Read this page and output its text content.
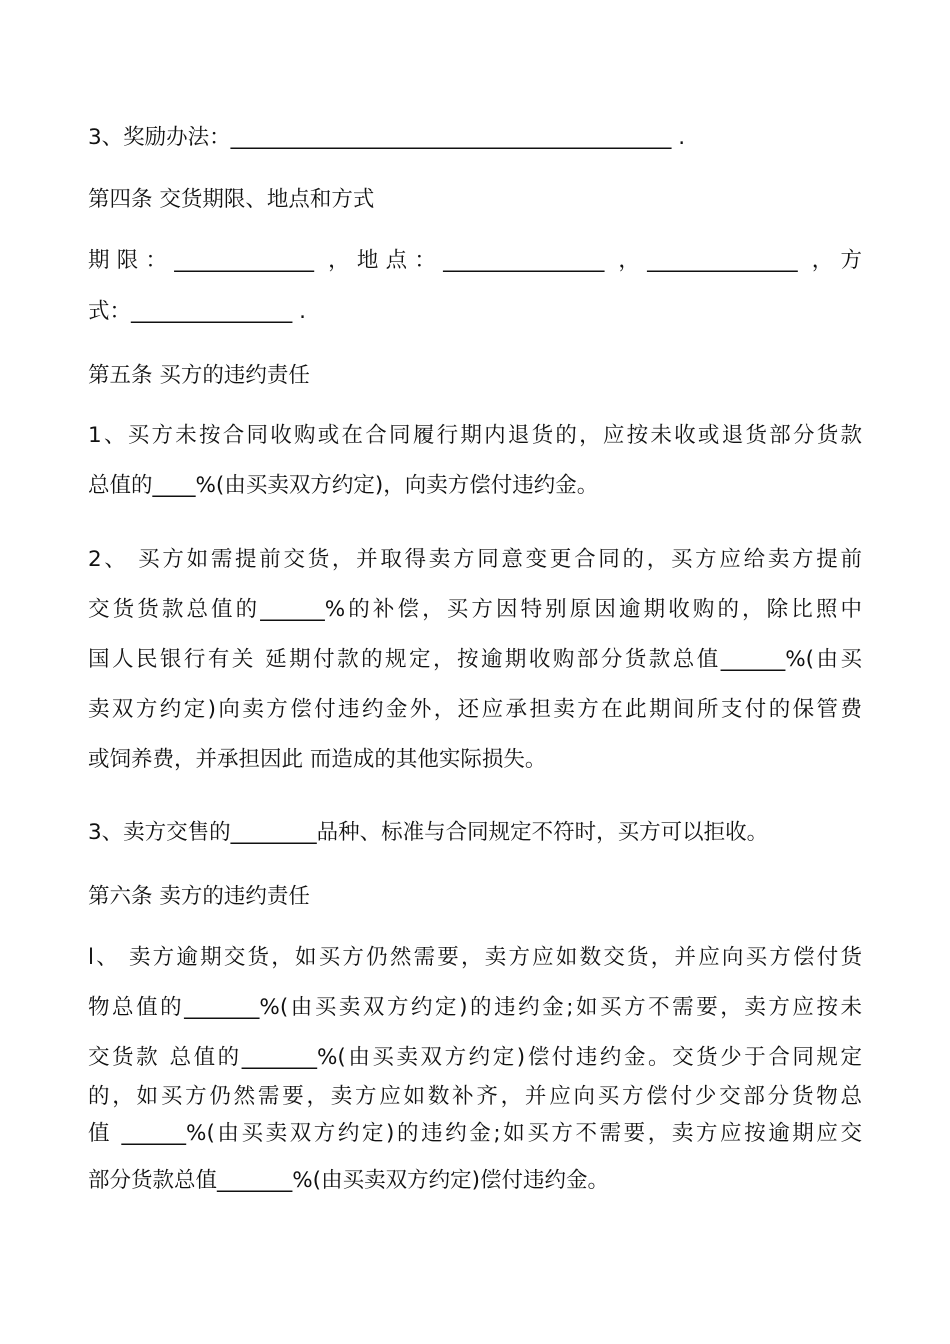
3、奖励办法：_________________________________________ .
第四条 交货期限、地点和方式
期限：_____________ ，地点：_______________ ，______________ ，方
式：_______________ .
第五条 买方的违约责任
1、买方未按合同收购或在合同履行期内退货的，应按未收或退货部分货款
总值的____%(由买卖双方约定)，向卖方偿付违约金。
2、 买方如需提前交货，并取得卖方同意变更合同的，买方应给卖方提前
交货货款总值的______%的补偿，买方因特别原因逾期收购的，除比照中
国人民银行有关 延期付款的规定，按逾期收购部分货款总值______%(由买
卖双方约定)向卖方偿付违约金外，还应承担卖方在此期间所支付的保管费
或饲养费，并承担因此 而造成的其他实际损失。
3、卖方交售的________品种、标准与合同规定不符时，买方可以拒收。
第六条 卖方的违约责任
l、 卖方逾期交货，如买方仍然需要，卖方应如数交货，并应向买方偿付货
物总值的_______%(由买卖双方约定)的违约金;如买方不需要，卖方应按未
交货款 总值的_______%(由买卖双方约定)偿付违约金。交货少于合同规定
的，如买方仍然需要，卖方应如数补齐，并应向买方偿付少交部分货物总
值 ______%(由买卖双方约定)的违约金;如买方不需要，卖方应按逾期应交
部分货款总值_______%(由买卖双方约定)偿付违约金。
